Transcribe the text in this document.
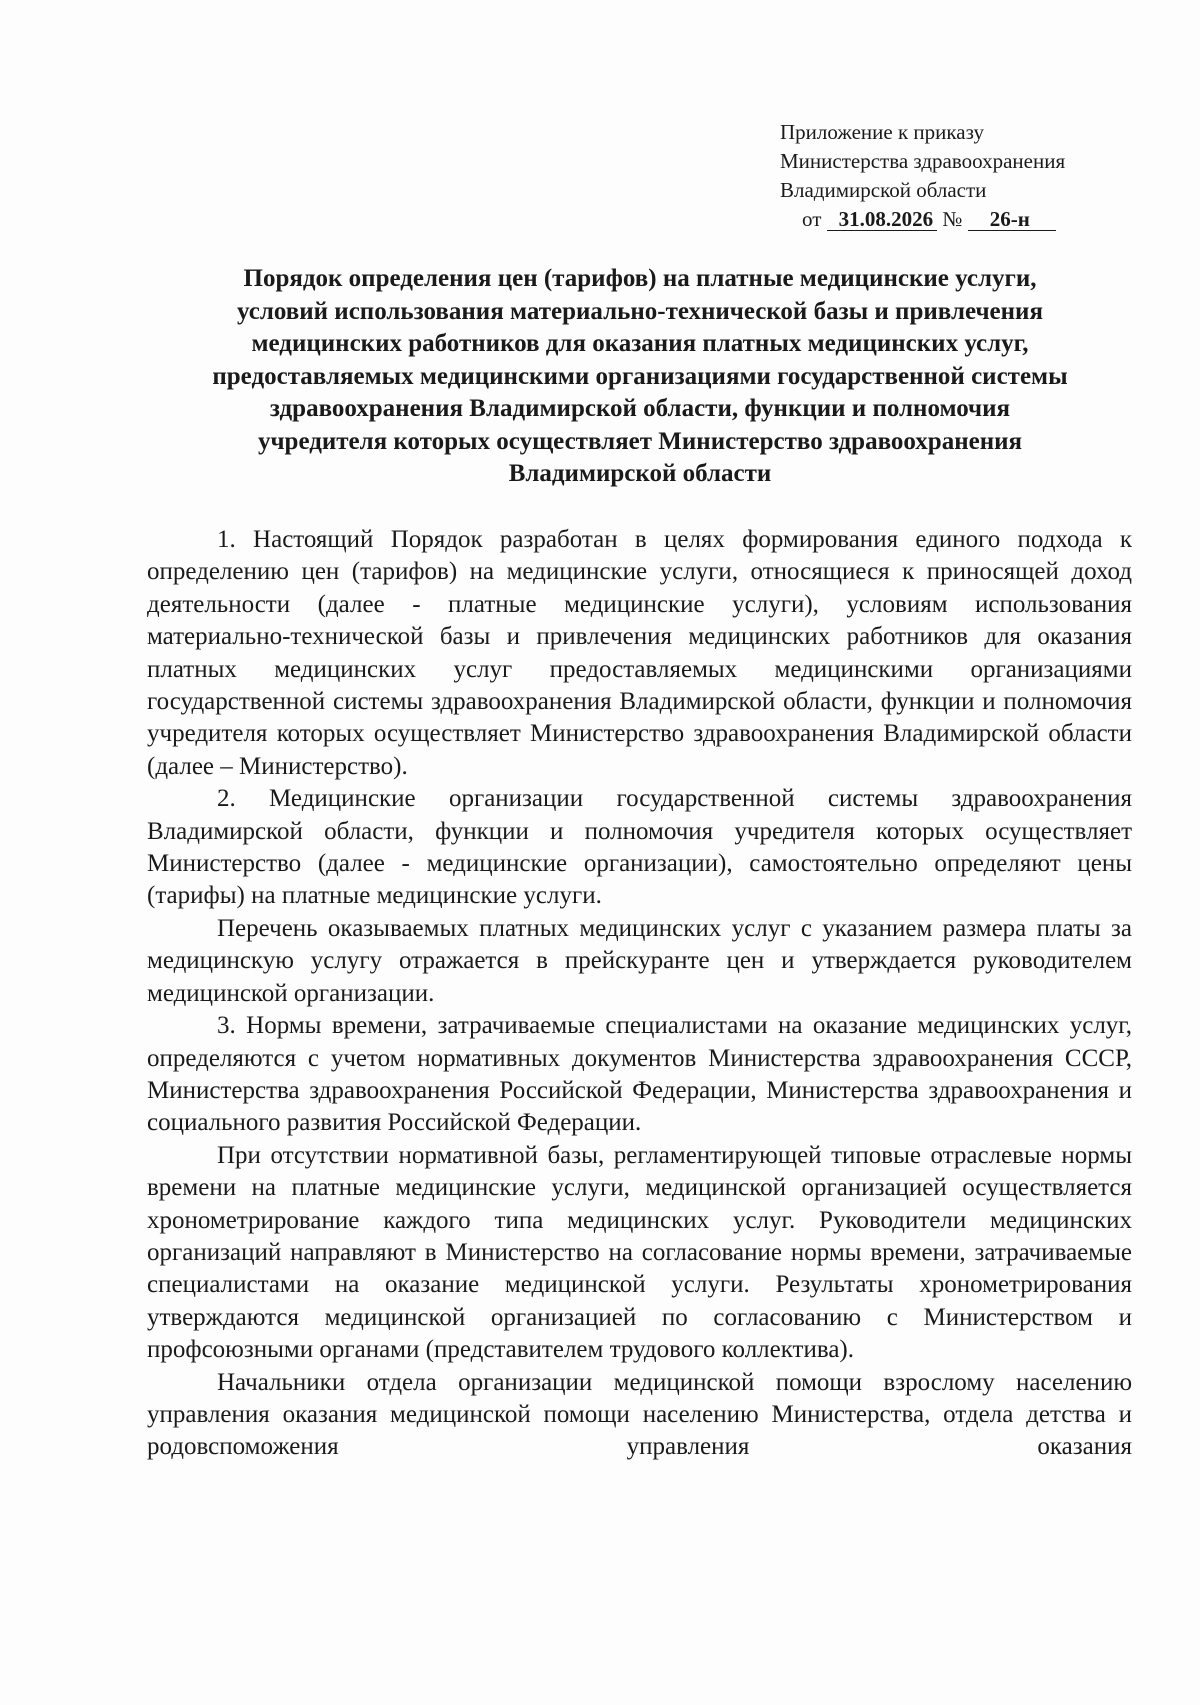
Приложение к приказу
Министерства здравоохранения
Владимирской области
от 31.08.2026 № 26-н
Порядок определения цен (тарифов) на платные медицинские услуги,
условий использования материально-технической базы и привлечения
медицинских работников для оказания платных медицинских услуг,
предоставляемых медицинскими организациями государственной системы
здравоохранения Владимирской области, функции и полномочия
учредителя которых осуществляет Министерство здравоохранения
Владимирской области

1. Настоящий Порядок разработан в целях формирования единого подхода к определению цен (тарифов) на медицинские услуги, относящиеся к приносящей доход деятельности (далее - платные медицинские услуги), условиям использования материально-технической базы и привлечения медицинских работников для оказания платных медицинских услуг предоставляемых медицинскими организациями государственной системы здравоохранения Владимирской области, функции и полномочия учредителя которых осуществляет Министерство здравоохранения Владимирской области (далее – Министерство).

2. Медицинские организации государственной системы здравоохранения Владимирской области, функции и полномочия учредителя которых осуществляет Министерство (далее - медицинские организации), самостоятельно определяют цены (тарифы) на платные медицинские услуги.

Перечень оказываемых платных медицинских услуг с указанием размера платы за медицинскую услугу отражается в прейскуранте цен и утверждается руководителем медицинской организации.

3. Нормы времени, затрачиваемые специалистами на оказание медицинских услуг, определяются с учетом нормативных документов Министерства здравоохранения СССР, Министерства здравоохранения Российской Федерации, Министерства здравоохранения и социального развития Российской Федерации.

При отсутствии нормативной базы, регламентирующей типовые отраслевые нормы времени на платные медицинские услуги, медицинской организацией осуществляется хронометрирование каждого типа медицинских услуг. Руководители медицинских организаций направляют в Министерство на согласование нормы времени, затрачиваемые специалистами на оказание медицинской услуги. Результаты хронометрирования утверждаются медицинской организацией по согласованию с Министерством и профсоюзными органами (представителем трудового коллектива).

Начальники отдела организации медицинской помощи взрослому населению управления оказания медицинской помощи населению Министерства, отдела детства и родовспоможения управления оказания
